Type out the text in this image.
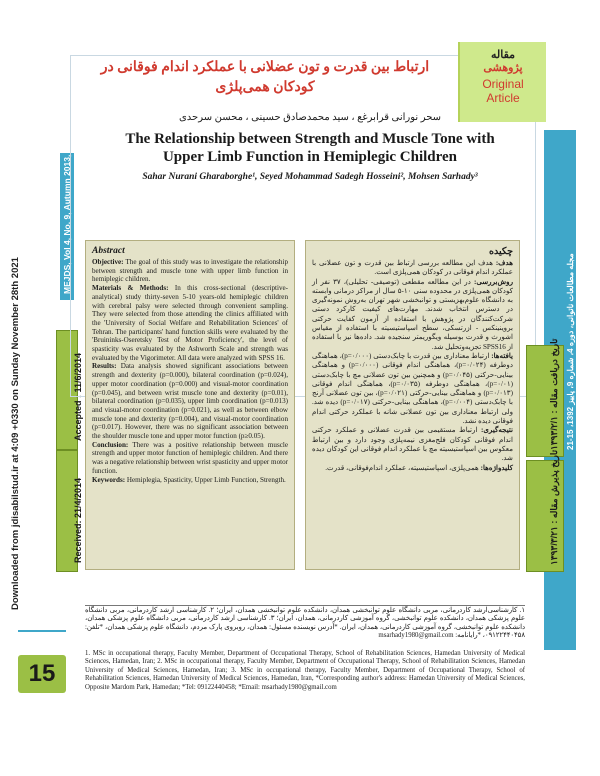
Downloaded from jdisabilstud.ir at 4:09 +0330 on Sunday November 28th 2021
MEJDS, Vol 4, No. 9, Autumn 2013, 15-21
Accepted : 11/6/2014
Received: 21/4/2014
ارتباط بین قدرت و تون عضلانی با عملکرد اندام فوقانی در کودکان همی‌پلژی
مقاله
پژوهشی
Original
Article
سحر نورانی قرابرغع ، سید محمدصادق حسینی ، محسن سرحدی
The Relationship between Strength and Muscle Tone with Upper Limb Function in Hemiplegic Children
Sahar Nurani Gharaborghe¹, Seyed Mohammad Sadegh Hosseini², Mohsen Sarhady³
مجله مطالعات ناتوانی، دوره 4، شماره 9، پاییز 1392، 15-21
تاریخ دریافت مقاله : ۱۳۹۳/۲/۱
تاریخ پذیرش مقاله : ۱۳۹۳/۳/۲۱
Abstract
Objective: The goal of this study was to investigate the relationship between strength and muscle tone with upper limb function in hemiplegic children.
Materials & Methods: In this cross-sectional (descriptive-analytical) study thirty-seven 5-10 years-old hemiplegic children with cerebral palsy were selected through convenient sampling. They were selected from those attending the clinics affiliated with the 'University of Social Welfare and Rehabilitation Sciences' of Tehran. The participants' hand function skills were evaluated by the 'Bruininks-Oseretsky Test of Motor Proficiency', the level of spasticity was evaluated by the Ashworth Scale and strength was evaluated by the Vigorimeter. All data were analyzed with SPSS 16.
Results: Data analysis showed significant associations between strength and dexterity (p=0.000), bilateral coordination (p=0.024), upper motor coordination (p=0.000) and visual-motor coordination (p=0.045), and between wrist muscle tone and dexterity (p=0.01), bilateral coordination (p=0.035), upper limb coordination (p=0.013) and visual-motor coordination (p=0.021), as well as between elbow muscle tone and dexterity (p=0.004), and visual-motor coordination (p=0.017). However, there was no significant association between the shoulder muscle tone and upper motor function (p≥0.05).
Conclusion: There was a positive relationship between muscle strength and upper motor function of hemiplegic children. And there was a negative relationship between wrist spasticity and upper motor function.
Keywords: Hemiplegia, Spasticity, Upper Limb Function, Strength.
چکیده
هدف: هدف این مطالعه بررسی ارتباط بین قدرت و تون عضلانی با عملکرد اندام فوقانی در کودکان همی‌پلژی است.
روش‌بررسی: در این مطالعه مقطعی (توصیفی- تحلیلی)، ۳۷ نفر از کودکان همی‌پلژی در محدوده سنی ۱۰-۵ سال از مراکز درمانی وابسته به دانشگاه علوم‌بهزیستی و توانبخشی شهر تهران به‌روش نمونه‌گیری در دسترس انتخاب شدند. مهارت‌های کیفیت کارکرد دستی شرکت‌کنندگان در پژوهش با استفاده از آزمون کفایت حرکتی بروینینکس - ازرتسکی، سطح اسپاستیسیته با استفاده از مقیاس اشورث و قدرت بوسیله ویگوریمتر سنجیده شد. داده‌ها نیز با استفاده از SPSS16 تجزیه‌وتحلیل شد.
یافته‌ها: ارتباط معناداری بین قدرت با چابک‌دستی (p=۰/۰۰۰)، هماهنگی دوطرفه (p=۰/۰۲۴)، هماهنگی اندام فوقانی (p=۰/۰۰۰) و هماهنگی بینایی-حرکتی (p=۰/۰۴۵) و همچنین بین تون عضلانی مچ با چابک‌دستی (p=۰/۰۱)، هماهنگی دوطرفه (p=۰/۰۳۵)، هماهنگی اندام فوقانی (p=۰/۰۱۳) و هماهنگی بینایی-حرکتی (p=۰/۰۲۱)، بین تون عضلانی آرنج با چابک‌دستی (p=۰/۰۰۴)، هماهنگی بینایی-حرکتی (p=۰/۰۱۷) دیده شد. ولی ارتباط معناداری بین تون عضلانی شانه با عملکرد حرکتی اندام فوقانی دیده نشد.
نتیجه‌گیری: ارتباط مستقیمی بین قدرت عضلانی و عملکرد حرکتی اندام فوقانی کودکان فلج‌مغزی نیمه‌پلژی وجود دارد و بین ارتباط معکوس بین اسپاستیسیته مچ با عملکرد اندام فوقانی این کودکان دیده شد.
کلیدواژه‌ها: همی‌پلژی، اسپاستیسیته، عملکرد اندام‌فوقانی، قدرت.
۱. کارشناسی‌ارشد کاردرمانی، مربی دانشگاه علوم توانبخشی همدان، دانشکده علوم توانبخشی همدان، ایران؛ ۲. کارشناسی ارشد کاردرمانی، مربی دانشگاه علوم پزشکی همدان، دانشکده علوم توانبخشی، گروه آموزشی کاردرمانی، همدان، ایران؛ ۳. کارشناسی ارشد کاردرمانی، مربی دانشگاه علوم پزشکی همدان، دانشکده علوم توانبخشی، گروه آموزشی کاردرمانی، همدان، ایران. *آدرس نویسنده مسئول: همدان، روبروی پارک مردم، دانشگاه علوم پزشکی همدان، *تلفن: ۰۹۱۲۲۴۴۰۴۵۸، *رایانامه: msarhady1980@gmail.com
1. MSc in occupational therapy, Faculty Member, Department of Occupational Therapy, School of Rehabilitation Sciences, Hamedan University of Medical Sciences, Hamedan, Iran; 2. MSc in occupational therapy, Faculty Member, Department of Occupational Therapy, School of Rehabilitation Sciences, Hamedan University of Medical Sciences, Hamedan, Iran; 3. MSc in occupational therapy, Faculty Member, Department of Occupational Therapy, School of Rehabilitation Sciences, Hamedan University of Medical Sciences, Hamedan, Iran, *Corresponding author's address: Hamedan University of Medical Sciences, Opposite Mardom Park, Hamedan; *Tel: 09122440458; *Email: msarhady1980@gmail.com
15
